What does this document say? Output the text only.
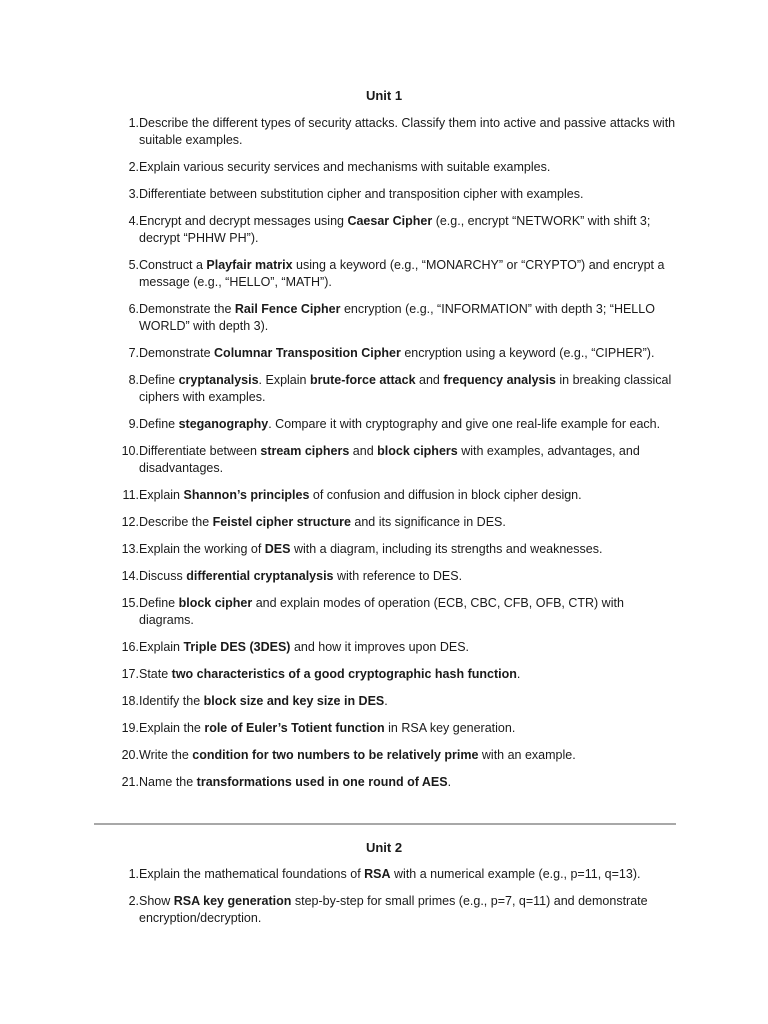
Unit 1
1. Describe the different types of security attacks. Classify them into active and passive attacks with suitable examples.
2. Explain various security services and mechanisms with suitable examples.
3. Differentiate between substitution cipher and transposition cipher with examples.
4. Encrypt and decrypt messages using Caesar Cipher (e.g., encrypt “NETWORK” with shift 3; decrypt “PHHW PH”).
5. Construct a Playfair matrix using a keyword (e.g., “MONARCHY” or “CRYPTO”) and encrypt a message (e.g., “HELLO”, “MATH”).
6. Demonstrate the Rail Fence Cipher encryption (e.g., “INFORMATION” with depth 3; “HELLO WORLD” with depth 3).
7. Demonstrate Columnar Transposition Cipher encryption using a keyword (e.g., “CIPHER”).
8. Define cryptanalysis. Explain brute-force attack and frequency analysis in breaking classical ciphers with examples.
9. Define steganography. Compare it with cryptography and give one real-life example for each.
10. Differentiate between stream ciphers and block ciphers with examples, advantages, and disadvantages.
11. Explain Shannon’s principles of confusion and diffusion in block cipher design.
12. Describe the Feistel cipher structure and its significance in DES.
13. Explain the working of DES with a diagram, including its strengths and weaknesses.
14. Discuss differential cryptanalysis with reference to DES.
15. Define block cipher and explain modes of operation (ECB, CBC, CFB, OFB, CTR) with diagrams.
16. Explain Triple DES (3DES) and how it improves upon DES.
17. State two characteristics of a good cryptographic hash function.
18. Identify the block size and key size in DES.
19. Explain the role of Euler’s Totient function in RSA key generation.
20. Write the condition for two numbers to be relatively prime with an example.
21. Name the transformations used in one round of AES.
Unit 2
1. Explain the mathematical foundations of RSA with a numerical example (e.g., p=11, q=13).
2. Show RSA key generation step-by-step for small primes (e.g., p=7, q=11) and demonstrate encryption/decryption.
